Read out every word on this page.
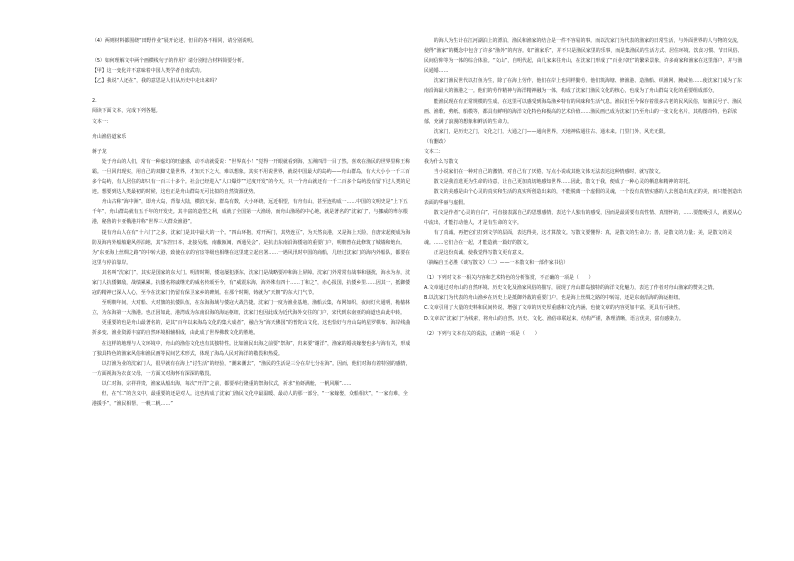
（4）两则材料都围绕“田野作业”展开论述，但目的各不相同，请分别说明。

（5）如何理解文中两个画横线句子的作用？请分别结合材料简要分析。

【甲】这一变化并不意味着中国人类学者自废武功。

【乙】我说“人还在”，我的意思是人们从历史中走出来吗？

2.

阅读下面文本，完成下列各题。

文本一：

舟山渔俗道家乐

蒋子龙

处于舟山的人们，常有一种虚幻的旺盛感，动不动就爱说：“世界真小！”觉得一开眼就看到海，五洲四洋一目了然。喜欢在渔民的世界里称王称霸。一旦回归现实，用自己的双脚丈量世界，才知天下之大，难以想象。其实不用说世界，就说中国最大的岛屿——舟山群岛，有大大小小一千三百多个岛屿，有人居住的却只有一百三十多个。社会已经进入“人口爆炸”“过度开发”的今天，只一个舟山就还有一千二百多个岛屿没有留下过人类的足迹。想要到达人类最初的时候，这也正是舟山群岛无可比拟的自然资源优势。

舟山古称“海中洲”，即舟大岛，背靠大陆，横滨无际，群岛有数，大小环绕，远近相望，有舟有山，甚至连构成一……中国的文明史是“上下五千年”，舟山群岛就有五千年的开发史。其丰富的造型之利，成就了全国第一大渔场，而舟山渔场的中心地，就是著名的“沈家门”，与挪威的卑尔根港，秘鲁的卡亚俄港并称“世界三大群众渔港”。

提有舟山人在有“十六门”之多，沈家门是其中最大的一个。“四山环抱，对开两门，其势连亘”，为天然良港，又是海上天险，自唐宋起便成为海防及海内外船舶避风停泊地，其“东控日本，北接吴淞，南蔽瓯闽，西通吴会”，是抗击东南沿海倭寇的重要门户，明朝曾在此修筑了城墙和炮台。为“东亚海上丝绸之路”的中转大港，致使在京的官宦等级也相继在这里建立起官署……一遇风汛时中国的商船，几经过沈家门的海内外船队，都要在这里与停泊靠岸。

其名叫“沈家门”，其实是国家的东大门。明清时期，倭寇屡犯浙东，沈家门是战略要冲和海上屏障。沈家门外常常有战事和骚扰，海水为赤，沈家门人抗倭御敌，战绩累累。抗倭名将戚继光的威名传颂至今，有“威震东海，海外殊有四十……丁和之”，赤心报国，抗倭乡里……因其一，抵御倭寇的精神已深入人心，至今在沈家门仍留有保卫家乡的碑刻。在那个时期，铸就为“天朝”的东大门气节。

至明朝年间，大对船、大对旗的抗倭队伍，在东海海域与倭寇大战告捷。沈家门一度为渔业基地，渔船云集，布网如织，夜间灯火通明，桅樯林立，为东海第一大渔港。也正因如此，港湾成为东南沿海的海运枢纽，沈家门也因此成为近代海外交往的门户，宋代到东南亚的商道也由此中转。

更重要的也是舟山最著名的，是其“百年以来海岛文化的集大成者”，融合为“海天佛国”的普陀山文化，这也恰好与舟山岛屿星罗棋布、海岸线曲折多变、渔业资源丰富的自然环境相辅相成，由此成了世界佛教文化的胜地。

在这样的地理与人文环境中，舟山的渔俗文化也有其独特性。比如渔民出海之前要“祭海”，归来要“谢洋”，渔家的婚丧嫁娶也多与海有关，形成了独具特色的渔家风俗和渔民画等民间艺术形式，体现了海岛人民对海洋的敬畏和热爱。

以打渔为业的沈家门人，很早就有在海上“讨生活”的经验，“潮来潮去”，“渔民的生活是三分在岸七分在海”。因而，他们对海有着特别的感情，一方面视海为衣食父母，一方面又对海怀有深深的敬畏。

以仁对海，宗祥祥贵，渔家从船出海，每次“开洋”之前，都要举行隆重的祭海仪式，祈求“鱼虾满舱，一帆风顺”……

但，在“仁”的含义中，最重要的还是对人。这也构成了沈家门渔民文化中最温暖、最动人的那一部分，“一家嫁娶，众船相庆”，“一家有难，全港援手”，“渔民相帮，一帆二帆……”

的海人为生计在江河湖泊上的漂泊，渔民和渔家的结合是一件不容易的事。而以沈家门为代表的渔家的日常生活，与外面世界的人与物的交流，使得“渔家”的概念中包含了许多“渔外”的内容。如“渔家乐”，并不只是渔民家里的乐事，而是集渔民的生活方式、居住环境、饮食习惯、节日风俗、民间信仰等为一体的综合体验。“文山”，自明代起，由几家来往舟山，在沈家门形成了“百业兴旺”的繁荣景象，许多商家和渔家在这里落户，并与渔民通婚……

沈家门渔民世代以打鱼为生，除了在海上劳作，他们在岸上也同样勤劳，他们筑海塘、修渔港、造渔船、织渔网、腌咸鱼……使沈家门成为了东南沿海最大的渔港之一。他们的劳作精神与海洋精神融为一体，构成了沈家门渔民文化的核心，也成为了舟山群岛文化的重要组成部分。

能渔民现在有正常规模的生成，在这里可以感受到海岛渔乡特有的风味和生活气息。渔民们至今保存着很多古老的民风民俗，如渔民号子、渔民画、渔歌、剪纸、船模等，都具有鲜明的海洋文化特色和极高的艺术价值……渔民画已成为沈家门乃至舟山的一张文化名片，其构图奇特，色彩浓郁，充满了浪漫的想象和鲜活的生命力。

沈家门，是历史之门，文化之门，大通之门——通向世界，天地神佑通往古、通未来。门里门外，风光无限。

（有删改）

文本二：

我为什么写散文

当小说家们在一种对自己的激情，对自己有了厌倦，写点小说或其他文体无法表达这种情感时，就写散文。

散文是我首选更为生命的诗意，让自己更加真切地感知世界……因此，散文于我，便成了一种心灵的栖息和精神的寄托。

散文的美感是由个心灵的真实和生活的真实所创造出来的，不能脱离一个虚假的灵魂，一个没有真情实感的人去创造出真正的美，而只能创造出表面的华丽与虚假。

散文是作者“心灵的自白”，可直接表露自己的思想感情，表达个人独有的感受，因而是最需要有真性情、真情怀的，……要能吸引人，就要从心中流出，才能打动他人，才是有生命的文字。

有了真诚，再把它们打到文学的层面，表达得美，这才算散文。写散文要懂得：真，是散文的生命力；善，是散文的力量；美，是散文的灵魂。……它们合在一起，才能造就一篇好的散文。

正是这份真诚，使我觉得写散文更有意义。

（摘编自王必胜《谈写散文》（二）——一本散文和一部作家书信）

（1）下列对文本一相关内容和艺术特色的分析鉴赏，不正确的一项是（　　）

A.文章通过对舟山的自然环境、历史文化及渔家风俗的描写，展现了舟山群岛独特的海洋文化魅力，表达了作者对舟山渔家的赞美之情。

B.以沈家门为代表的舟山渔乡在历史上是抵御外敌的重要门户，也是海上丝绸之路的中转站，还是东南沿海的海运枢纽。

C.文章引用了大量的史料和民间传说，增强了文章的历史厚重感和文化内涵，也使文章的内容更加丰富，更具有可读性。

D.文章以“沈家门”为线索，将舟山的自然、历史、文化、渔俗串联起来，结构严谨，条理清晰，语言优美，富有感染力。

（2）下列与文本有关的说法，正确的一项是（　　）
